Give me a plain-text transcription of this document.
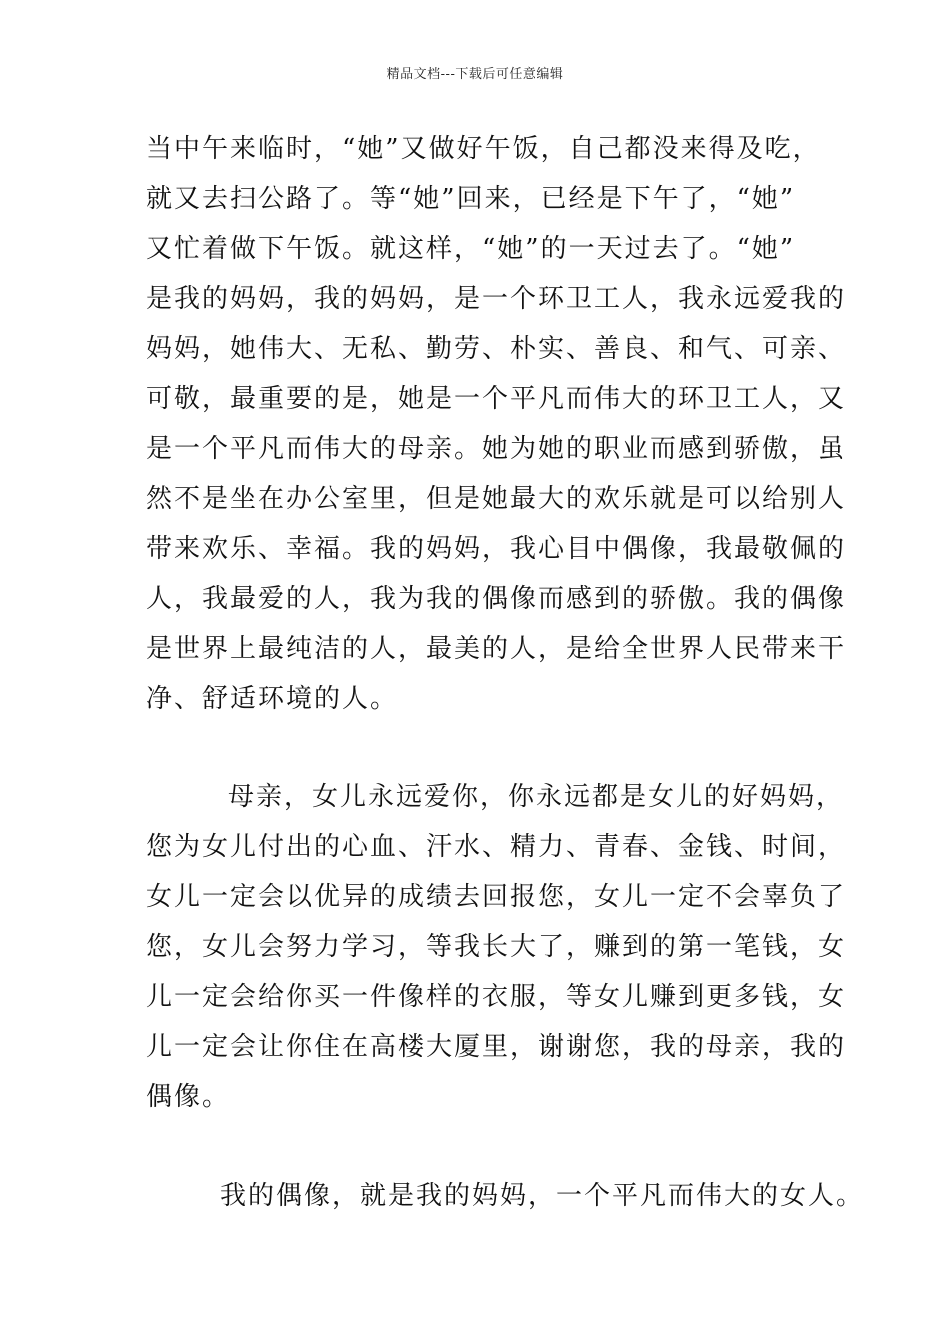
精品文档---下载后可任意编辑
当中午来临时，“她”又做好午饭，自己都没来得及吃，
就又去扫公路了。等“她”回来，已经是下午了，“她”
又忙着做下午饭。就这样，“她”的一天过去了。“她”
是我的妈妈，我的妈妈，是一个环卫工人，我永远爱我的
妈妈，她伟大、无私、勤劳、朴实、善良、和气、可亲、
可敬，最重要的是，她是一个平凡而伟大的环卫工人，又
是一个平凡而伟大的母亲。她为她的职业而感到骄傲，虽
然不是坐在办公室里，但是她最大的欢乐就是可以给别人
带来欢乐、幸福。我的妈妈，我心目中偶像，我最敬佩的
人，我最爱的人，我为我的偶像而感到的骄傲。我的偶像
是世界上最纯洁的人，最美的人，是给全世界人民带来干
净、舒适环境的人。
母亲，女儿永远爱你，你永远都是女儿的好妈妈，
您为女儿付出的心血、汗水、精力、青春、金钱、时间，
女儿一定会以优异的成绩去回报您，女儿一定不会辜负了
您，女儿会努力学习，等我长大了，赚到的第一笔钱，女
儿一定会给你买一件像样的衣服，等女儿赚到更多钱，女
儿一定会让你住在高楼大厦里，谢谢您，我的母亲，我的
偶像。
我的偶像，就是我的妈妈，一个平凡而伟大的女人。
